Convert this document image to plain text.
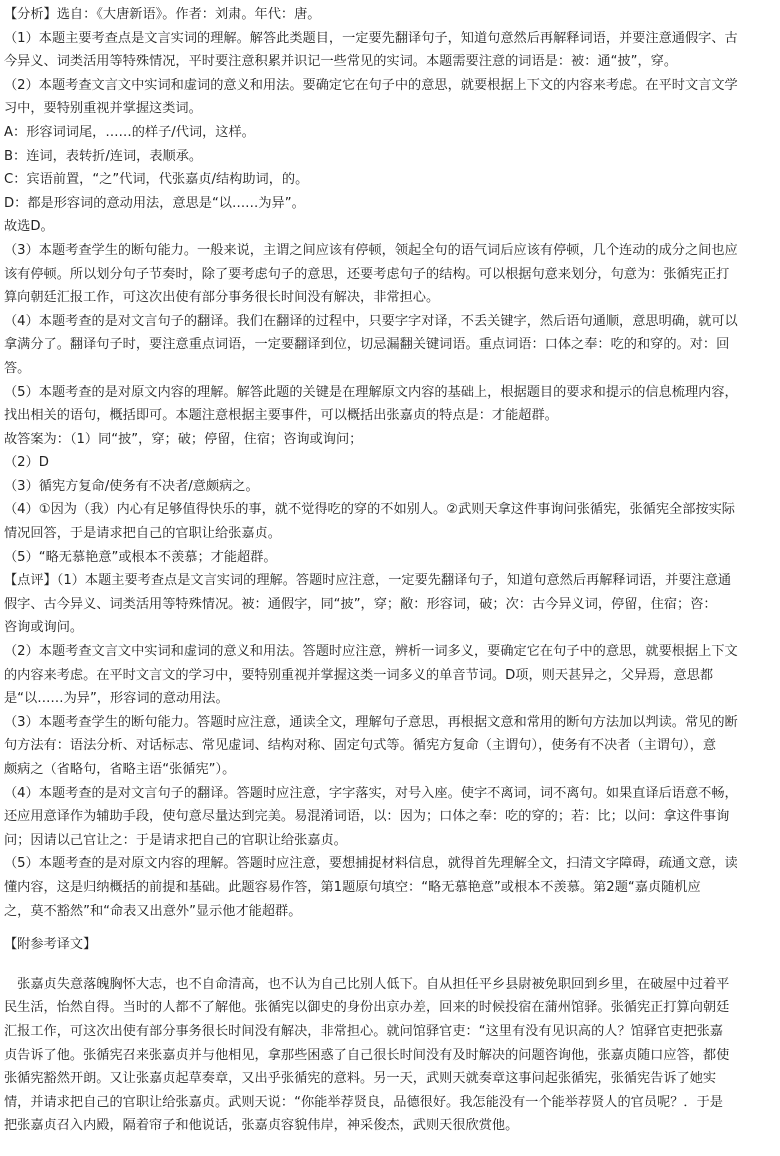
【分析】选自：《大唐新语》。作者：刘肃。年代：唐。
（1）本题主要考查点是文言实词的理解。解答此类题目，一定要先翻译句子，知道句意然后再解释词语，并要注意通假字、古
今异义、词类活用等特殊情况，平时要注意积累并识记一些常见的实词。本题需要注意的词语是：被：通“披”，穿。
（2）本题考查文言文中实词和虚词的意义和用法。要确定它在句子中的意思，就要根据上下文的内容来考虑。在平时文言文学
习中，要特别重视并掌握这类词。
A：形容词词尾，……的样子/代词，这样。
B：连词，表转折/连词，表顺承。
C：宾语前置，“之”代词，代张嘉贞/结构助词，的。
D：都是形容词的意动用法，意思是“以……为异”。
故选D。
（3）本题考查学生的断句能力。一般来说，主谓之间应该有停顿，领起全句的语气词后应该有停顿，几个连动的成分之间也应
该有停顿。所以划分句子节奏时，除了要考虑句子的意思，还要考虑句子的结构。可以根据句意来划分，句意为：张循宪正打
算向朝廷汇报工作，可这次出使有部分事务很长时间没有解决，非常担心。
（4）本题考查的是对文言句子的翻译。我们在翻译的过程中，只要字字对译，不丢关键字，然后语句通顺，意思明确，就可以
拿满分了。翻译句子时，要注意重点词语，一定要翻译到位，切忌漏翻关键词语。重点词语：口体之奉：吃的和穿的。对：回
答。
（5）本题考查的是对原文内容的理解。解答此题的关键是在理解原文内容的基础上，根据题目的要求和提示的信息梳理内容，
找出相关的语句，概括即可。本题注意根据主要事件，可以概括出张嘉贞的特点是：才能超群。
故答案为：（1）同“披”，穿；破；停留，住宿；咨询或询问；
（2）D
（3）循宪方复命/使务有不决者/意颇病之。
（4）①因为（我）内心有足够值得快乐的事，就不觉得吃的穿的不如别人。②武则天拿这件事询问张循宪，张循宪全部按实际
情况回答，于是请求把自己的官职让给张嘉贞。
（5）“略无慕艳意”或根本不羡慕；才能超群。
【点评】（1）本题主要考查点是文言实词的理解。答题时应注意，一定要先翻译句子，知道句意然后再解释词语，并要注意通
假字、古今异义、词类活用等特殊情况。被：通假字，同“披”，穿；敝：形容词，破；次：古今异义词，停留，住宿；咨：
咨询或询问。
（2）本题考查文言文中实词和虚词的意义和用法。答题时应注意，辨析一词多义，要确定它在句子中的意思，就要根据上下文
的内容来考虑。在平时文言文的学习中，要特别重视并掌握这类一词多义的单音节词。D项，则天甚异之，父异焉，意思都
是“以……为异”，形容词的意动用法。
（3）本题考查学生的断句能力。答题时应注意，通读全文，理解句子意思，再根据文意和常用的断句方法加以判读。常见的断
句方法有：语法分析、对话标志、常见虚词、结构对称、固定句式等。循宪方复命（主谓句），使务有不决者（主谓句），意
颇病之（省略句，省略主语“张循宪”）。
（4）本题考查的是对文言句子的翻译。答题时应注意，字字落实，对号入座。使字不离词，词不离句。如果直译后语意不畅，
还应用意译作为辅助手段，使句意尽量达到完美。易混淆词语，以：因为；口体之奉：吃的穿的；若：比；以问：拿这件事询
问；因请以己官让之：于是请求把自己的官职让给张嘉贞。
（5）本题考查的是对原文内容的理解。答题时应注意，要想捕捉材料信息，就得首先理解全文，扫清文字障碍，疏通文意，读
懂内容，这是归纳概括的前提和基础。此题容易作答，第1题原句填空：“略无慕艳意”或根本不羡慕。第2题“嘉贞随机应
之，莫不豁然”和“命表又出意外”显示他才能超群。
【附参考译文】
　张嘉贞失意落魄胸怀大志，也不自命清高，也不认为自己比别人低下。自从担任平乡县尉被免职回到乡里，在破屋中过着平
民生活，怡然自得。当时的人都不了解他。张循宪以御史的身份出京办差，回来的时候投宿在蒲州馆驿。张循宪正打算向朝廷
汇报工作，可这次出使有部分事务很长时间没有解决，非常担心。就问馆驿官吏：“这里有没有见识高的人？馆驿官吏把张嘉
贞告诉了他。张循宪召来张嘉贞并与他相见，拿那些困惑了自己很长时间没有及时解决的问题咨询他，张嘉贞随口应答，都使
张循宪豁然开朗。又让张嘉贞起草奏章，又出乎张循宪的意料。另一天，武则天就奏章这事问起张循宪，张循宪告诉了她实
情，并请求把自己的官职让给张嘉贞。武则天说：“你能举荐贤良，品德很好。我怎能没有一个能举荐贤人的官员呢？．于是
把张嘉贞召入内殿，隔着帘子和他说话，张嘉贞容貌伟岸，神采俊杰，武则天很欣赏他。
